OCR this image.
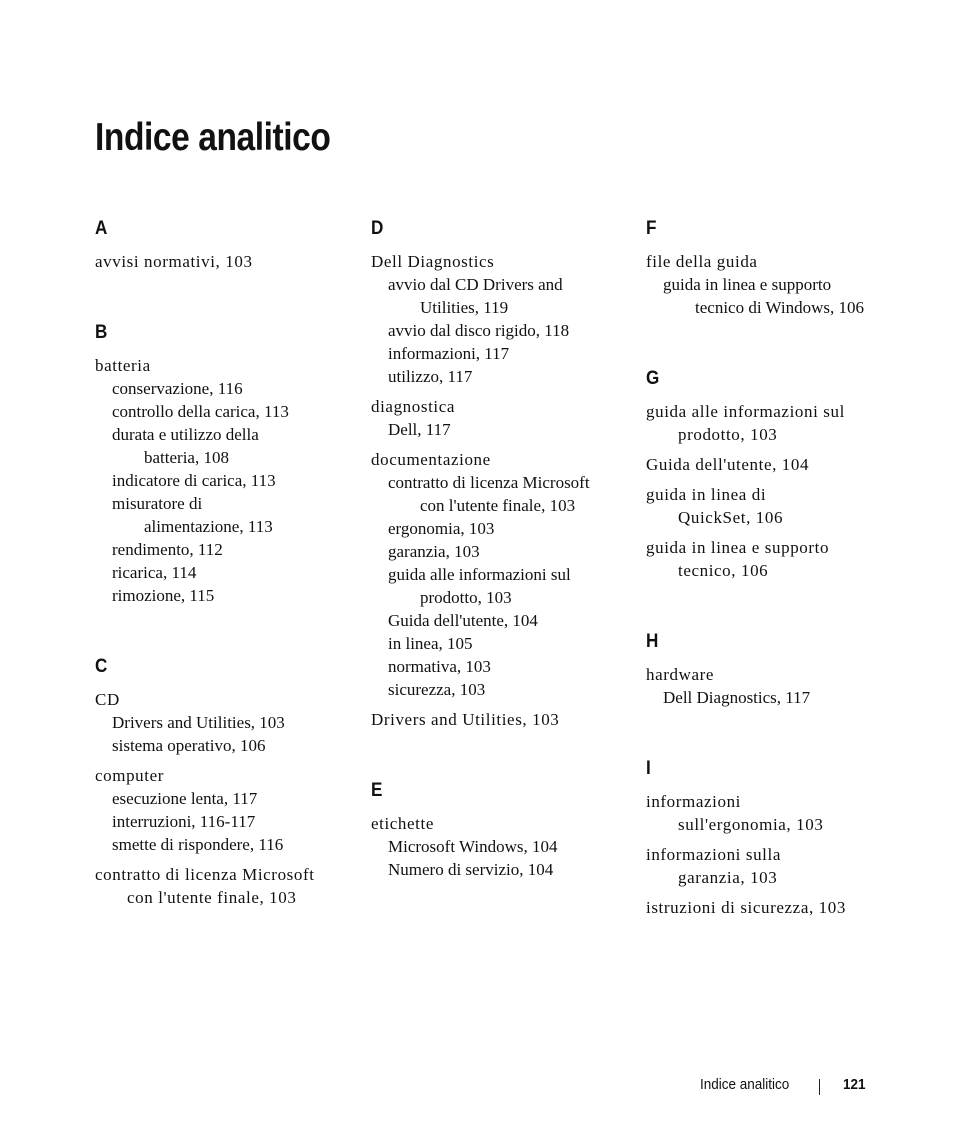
Indice analitico
A
avvisi normativi, 103
B
batteria
conservazione, 116
controllo della carica, 113
durata e utilizzo della
batteria, 108
indicatore di carica, 113
misuratore di
alimentazione, 113
rendimento, 112
ricarica, 114
rimozione, 115
C
CD
Drivers and Utilities, 103
sistema operativo, 106
computer
esecuzione lenta, 117
interruzioni, 116-117
smette di rispondere, 116
contratto di licenza Microsoft
con l'utente finale, 103
D
Dell Diagnostics
avvio dal CD Drivers and
Utilities, 119
avvio dal disco rigido, 118
informazioni, 117
utilizzo, 117
diagnostica
Dell, 117
documentazione
contratto di licenza Microsoft
con l'utente finale, 103
ergonomia, 103
garanzia, 103
guida alle informazioni sul
prodotto, 103
Guida dell'utente, 104
in linea, 105
normativa, 103
sicurezza, 103
Drivers and Utilities, 103
E
etichette
Microsoft Windows, 104
Numero di servizio, 104
F
file della guida
guida in linea e supporto
tecnico di Windows, 106
G
guida alle informazioni sul
prodotto, 103
Guida dell'utente, 104
guida in linea di
QuickSet, 106
guida in linea e supporto
tecnico, 106
H
hardware
Dell Diagnostics, 117
I
informazioni
sull'ergonomia, 103
informazioni sulla
garanzia, 103
istruzioni di sicurezza, 103
Indice analitico	121
